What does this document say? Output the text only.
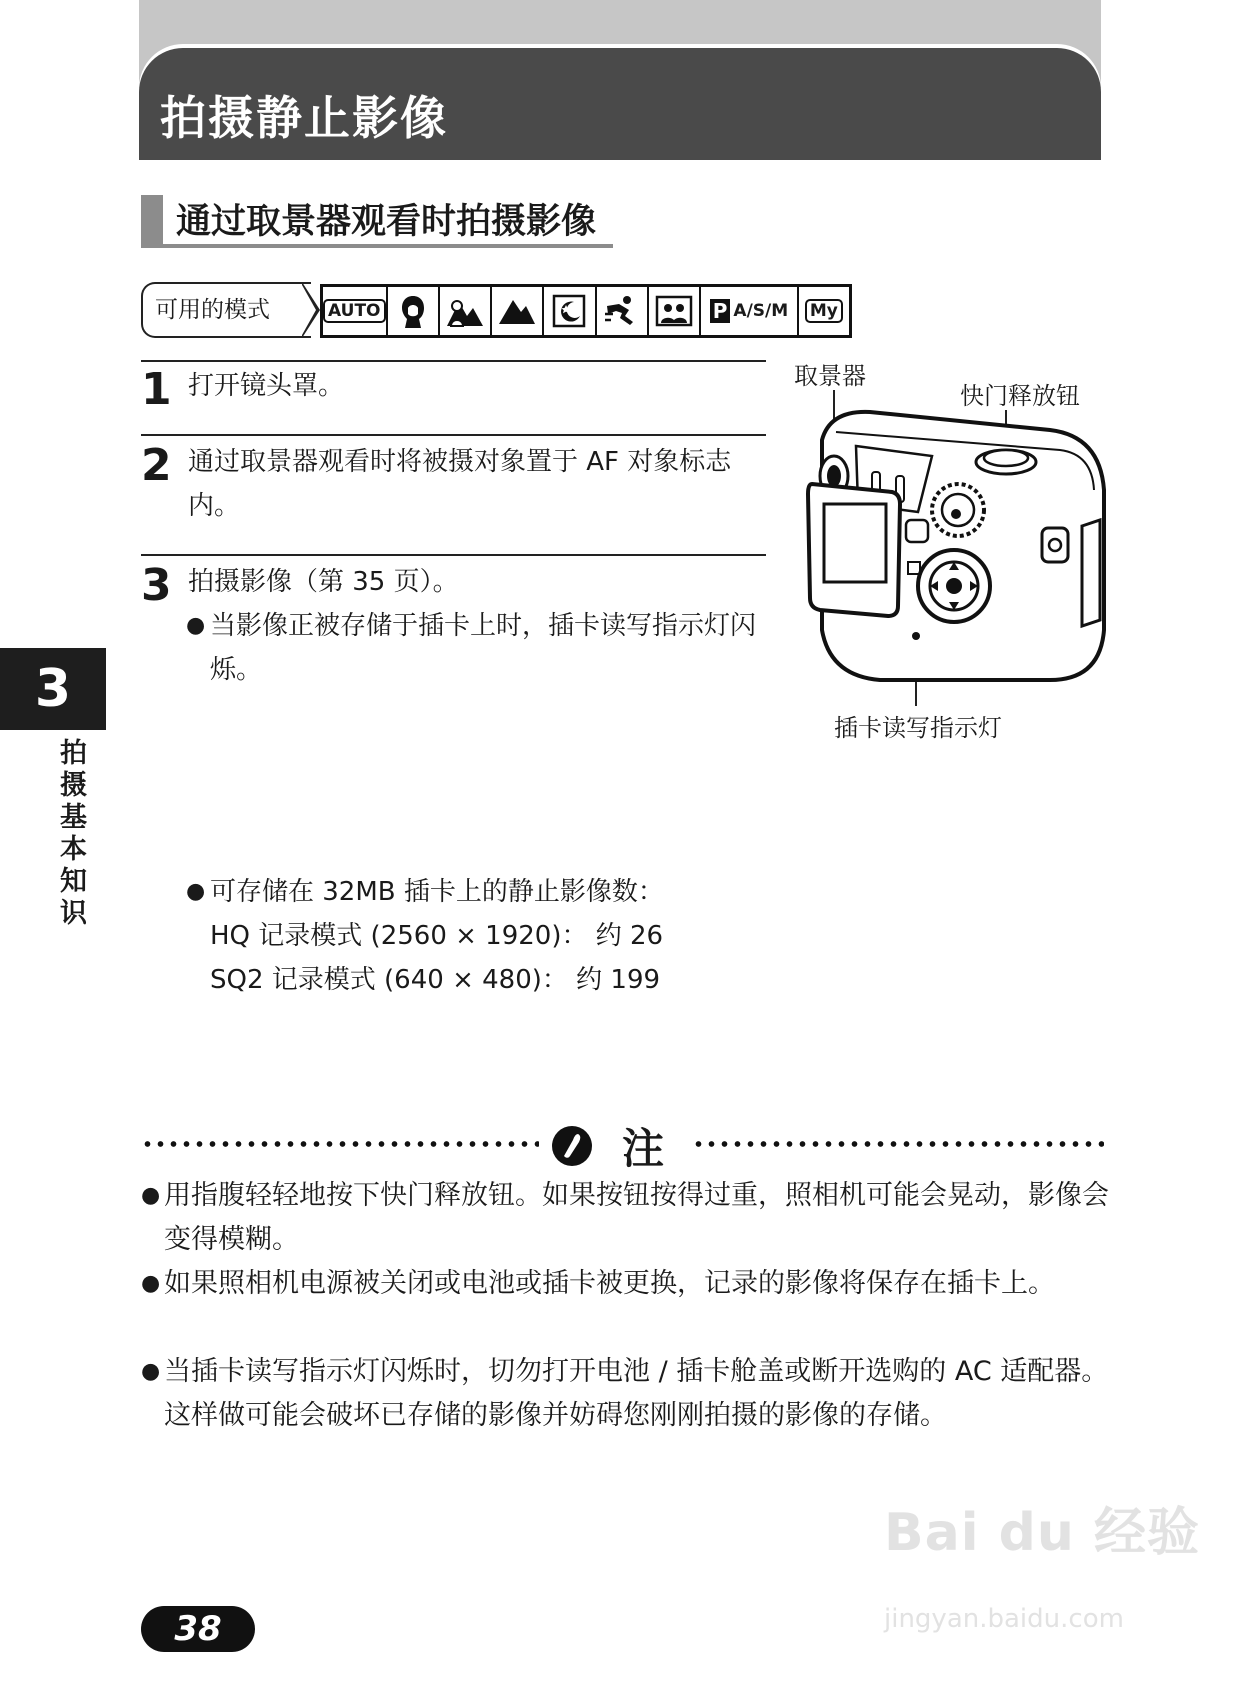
拍摄静止影像
通过取景器观看时拍摄影像
可用的模式	AUTO	P A/S/M My
1 打开镜头罩。
2 通过取景器观看时将被摄对象置于 AF 对象标志内。
3 拍摄影像（第 35 页）。
● 当影像正被存储于插卡上时，插卡读写指示灯闪烁。
取景器
快门释放钮
插卡读写指示灯
● 可存储在 32MB 插卡上的静止影像数：
HQ 记录模式 (2560 × 1920)： 约 26
SQ2 记录模式 (640 × 480)： 约 199
3
拍摄基本知识
注
● 用指腹轻轻地按下快门释放钮。如果按钮按得过重，照相机可能会晃动，影像会变得模糊。
● 如果照相机电源被关闭或电池或插卡被更换，记录的影像将保存在插卡上。
● 当插卡读写指示灯闪烁时，切勿打开电池 / 插卡舱盖或断开选购的 AC 适配器。这样做可能会破坏已存储的影像并妨碍您刚刚拍摄的影像的存储。
38
Bai du 经验
jingyan.baidu.com
